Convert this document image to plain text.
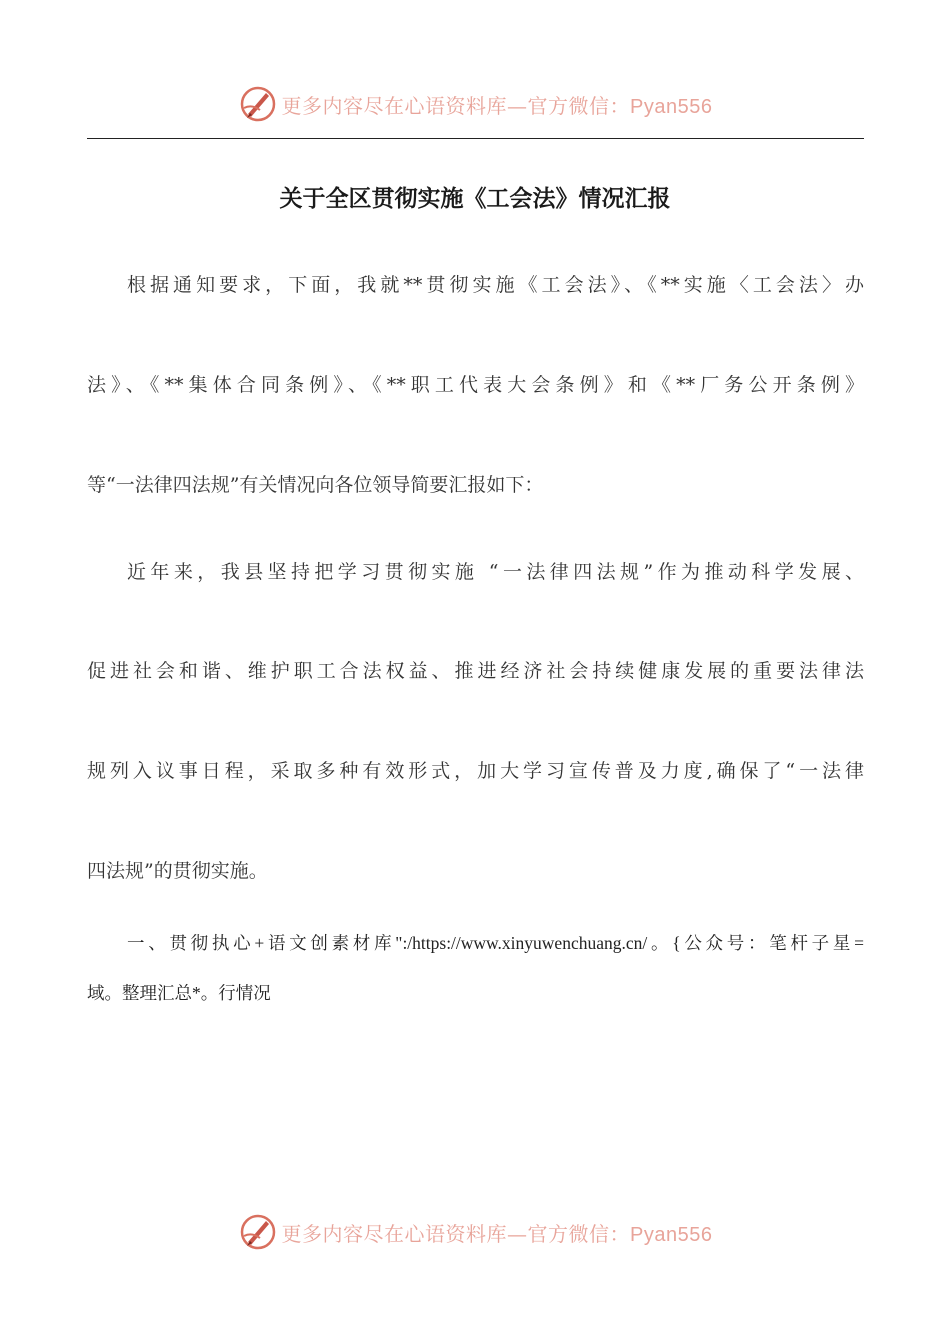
更多内容尽在心语资料库—官方微信：Pyan556
关于全区贯彻实施《工会法》情况汇报
根据通知要求，下面，我就**贯彻实施《工会法》、《**实施〈工会法〉办
法》、《**集体合同条例》、《**职工代表大会条例》和《**厂务公开条例》
等“一法律四法规”有关情况向各位领导简要汇报如下：
近年来，我县坚持把学习贯彻实施 “一法律四法规”作为推动科学发展、
促进社会和谐、维护职工合法权益、推进经济社会持续健康发展的重要法律法
规列入议事日程，采取多种有效形式，加大学习宣传普及力度,确保了“一法律
四法规”的贯彻实施。
一、贯彻执心+语文创素材库":/https://www.xinyuwenchuang.cn/。{公众号：笔杆子星=
域。整理汇总*。行情况
更多内容尽在心语资料库—官方微信：Pyan556
